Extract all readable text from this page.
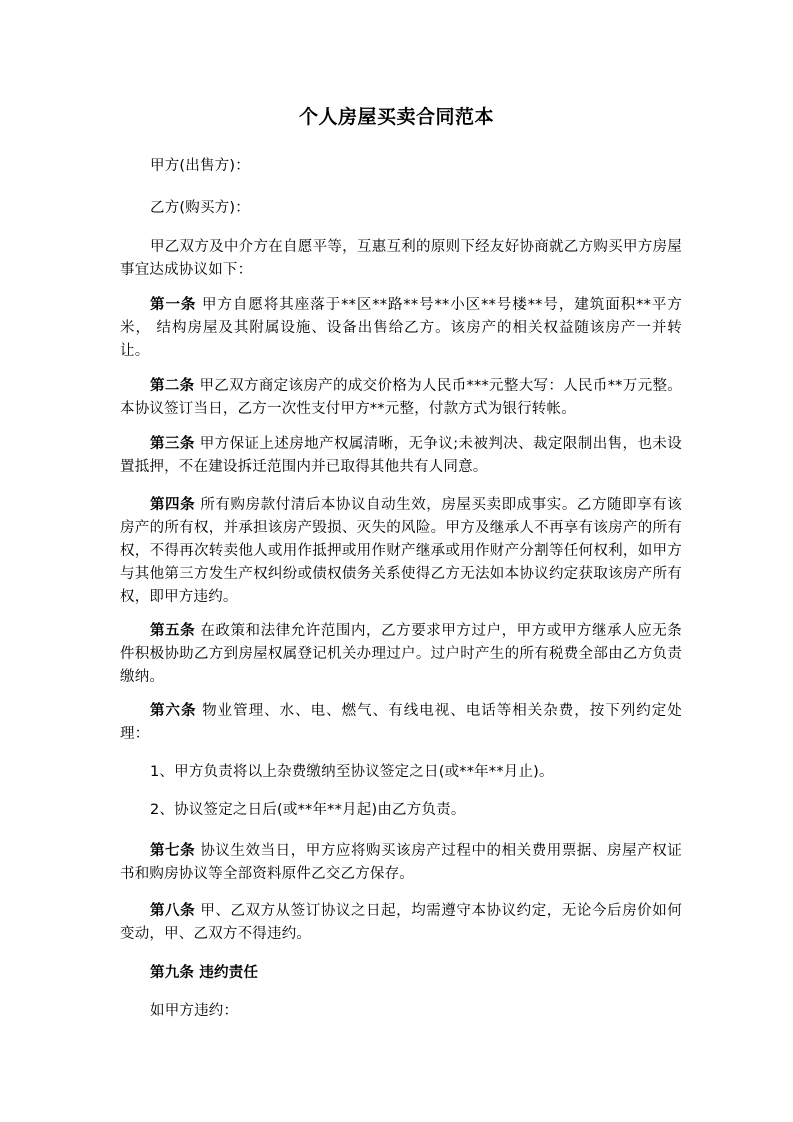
个人房屋买卖合同范本

甲方(出售方)：

乙方(购买方)：

甲乙双方及中介方在自愿平等，互惠互利的原则下经友好协商就乙方购买甲方房屋事宜达成协议如下：

第一条 甲方自愿将其座落于**区**路**号**小区**号楼**号，建筑面积**平方米， 结构房屋及其附属设施、设备出售给乙方。该房产的相关权益随该房产一并转让。

第二条 甲乙双方商定该房产的成交价格为人民币***元整大写：人民币**万元整。本协议签订当日，乙方一次性支付甲方**元整，付款方式为银行转帐。

第三条 甲方保证上述房地产权属清晰，无争议;未被判决、裁定限制出售，也未设置抵押，不在建设拆迁范围内并已取得其他共有人同意。

第四条 所有购房款付清后本协议自动生效，房屋买卖即成事实。乙方随即享有该房产的所有权，并承担该房产毁损、灭失的风险。甲方及继承人不再享有该房产的所有权，不得再次转卖他人或用作抵押或用作财产继承或用作财产分割等任何权利，如甲方与其他第三方发生产权纠纷或债权债务关系使得乙方无法如本协议约定获取该房产所有权，即甲方违约。

第五条 在政策和法律允许范围内，乙方要求甲方过户，甲方或甲方继承人应无条件积极协助乙方到房屋权属登记机关办理过户。过户时产生的所有税费全部由乙方负责缴纳。

第六条 物业管理、水、电、燃气、有线电视、电话等相关杂费，按下列约定处理：

1、甲方负责将以上杂费缴纳至协议签定之日(或**年**月止)。

2、协议签定之日后(或**年**月起)由乙方负责。

第七条 协议生效当日，甲方应将购买该房产过程中的相关费用票据、房屋产权证书和购房协议等全部资料原件乙交乙方保存。

第八条 甲、乙双方从签订协议之日起，均需遵守本协议约定，无论今后房价如何变动，甲、乙双方不得违约。

第九条 违约责任

如甲方违约：
